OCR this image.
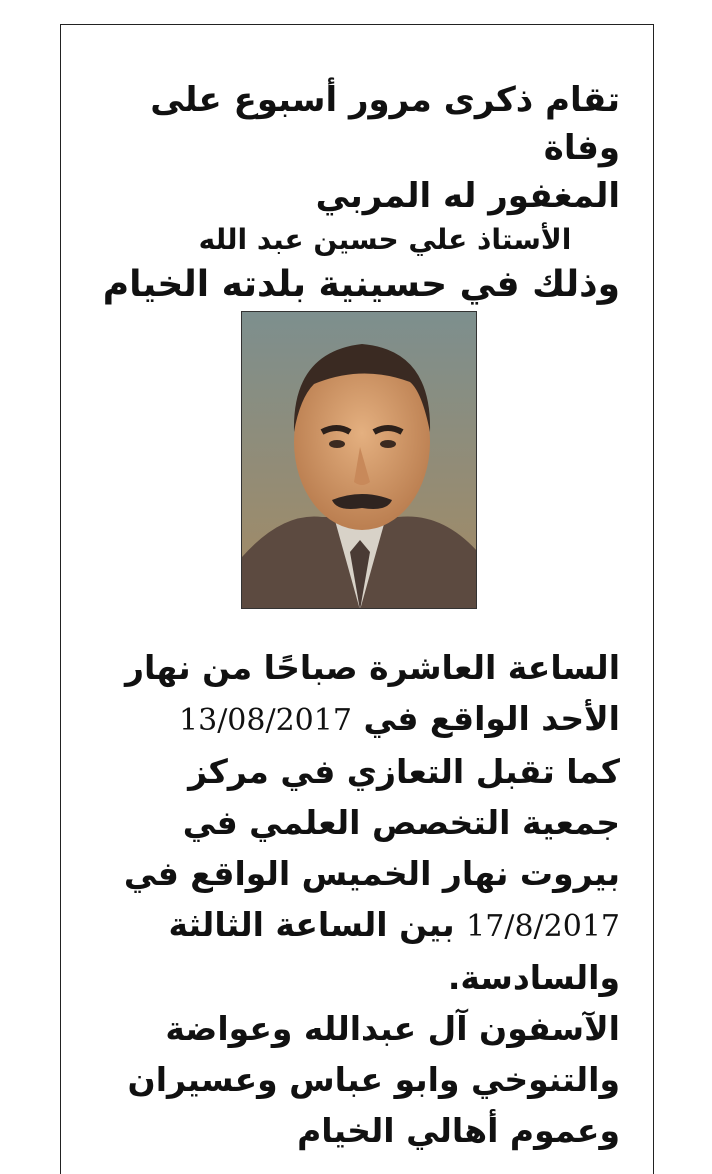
تقام ذكرى مرور أسبوع على وفاة

المغفور له المربي

الأستاذ علي حسين عبد الله

وذلك في حسينية بلدته الخيام

الساعة العاشرة صباحًا من نهار

الأحد الواقع في 13/08/2017

كما تقبل التعازي في مركز

جمعية التخصص العلمي في

بيروت نهار الخميس الواقع في

17/8/2017 بين الساعة الثالثة

والسادسة.

الآسفون آل عبدالله وعواضة

والتنوخي وابو عباس وعسيران

وعموم أهالي الخيام
